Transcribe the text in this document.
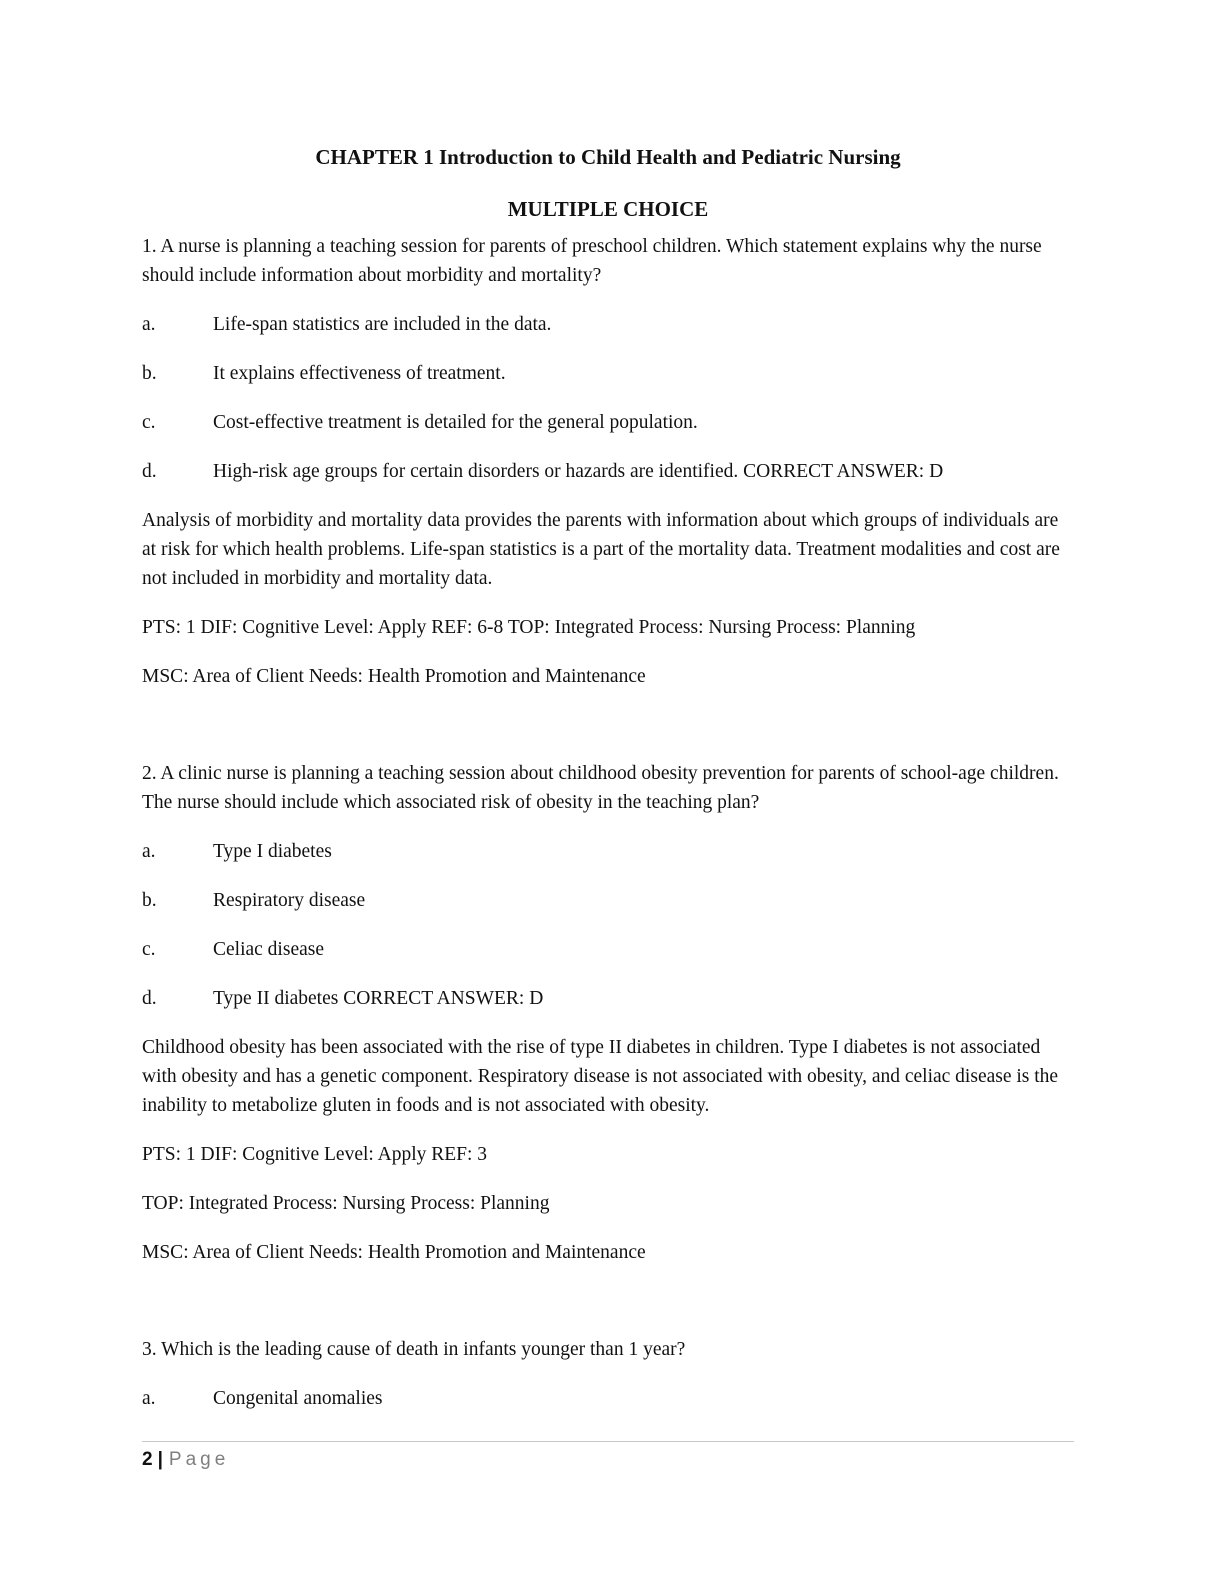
CHAPTER 1 Introduction to Child Health and Pediatric Nursing
MULTIPLE CHOICE

1. A nurse is planning a teaching session for parents of preschool children. Which statement explains why the nurse should include information about morbidity and mortality?

a.	Life-span statistics are included in the data.
b.	It explains effectiveness of treatment.
c.	Cost-effective treatment is detailed for the general population.
d.	High-risk age groups for certain disorders or hazards are identified. CORRECT ANSWER: D

Analysis of morbidity and mortality data provides the parents with information about which groups of individuals are at risk for which health problems. Life-span statistics is a part of the mortality data. Treatment modalities and cost are not included in morbidity and mortality data.

PTS: 1 DIF: Cognitive Level: Apply REF: 6-8 TOP: Integrated Process: Nursing Process: Planning

MSC: Area of Client Needs: Health Promotion and Maintenance

2. A clinic nurse is planning a teaching session about childhood obesity prevention for parents of school-age children. The nurse should include which associated risk of obesity in the teaching plan?

a.	Type I diabetes
b.	Respiratory disease
c.	Celiac disease
d.	Type II diabetes CORRECT ANSWER: D

Childhood obesity has been associated with the rise of type II diabetes in children. Type I diabetes is not associated with obesity and has a genetic component. Respiratory disease is not associated with obesity, and celiac disease is the inability to metabolize gluten in foods and is not associated with obesity.

PTS: 1 DIF: Cognitive Level: Apply REF: 3

TOP: Integrated Process: Nursing Process: Planning

MSC: Area of Client Needs: Health Promotion and Maintenance

3. Which is the leading cause of death in infants younger than 1 year?

a.	Congenital anomalies
2 | Page
